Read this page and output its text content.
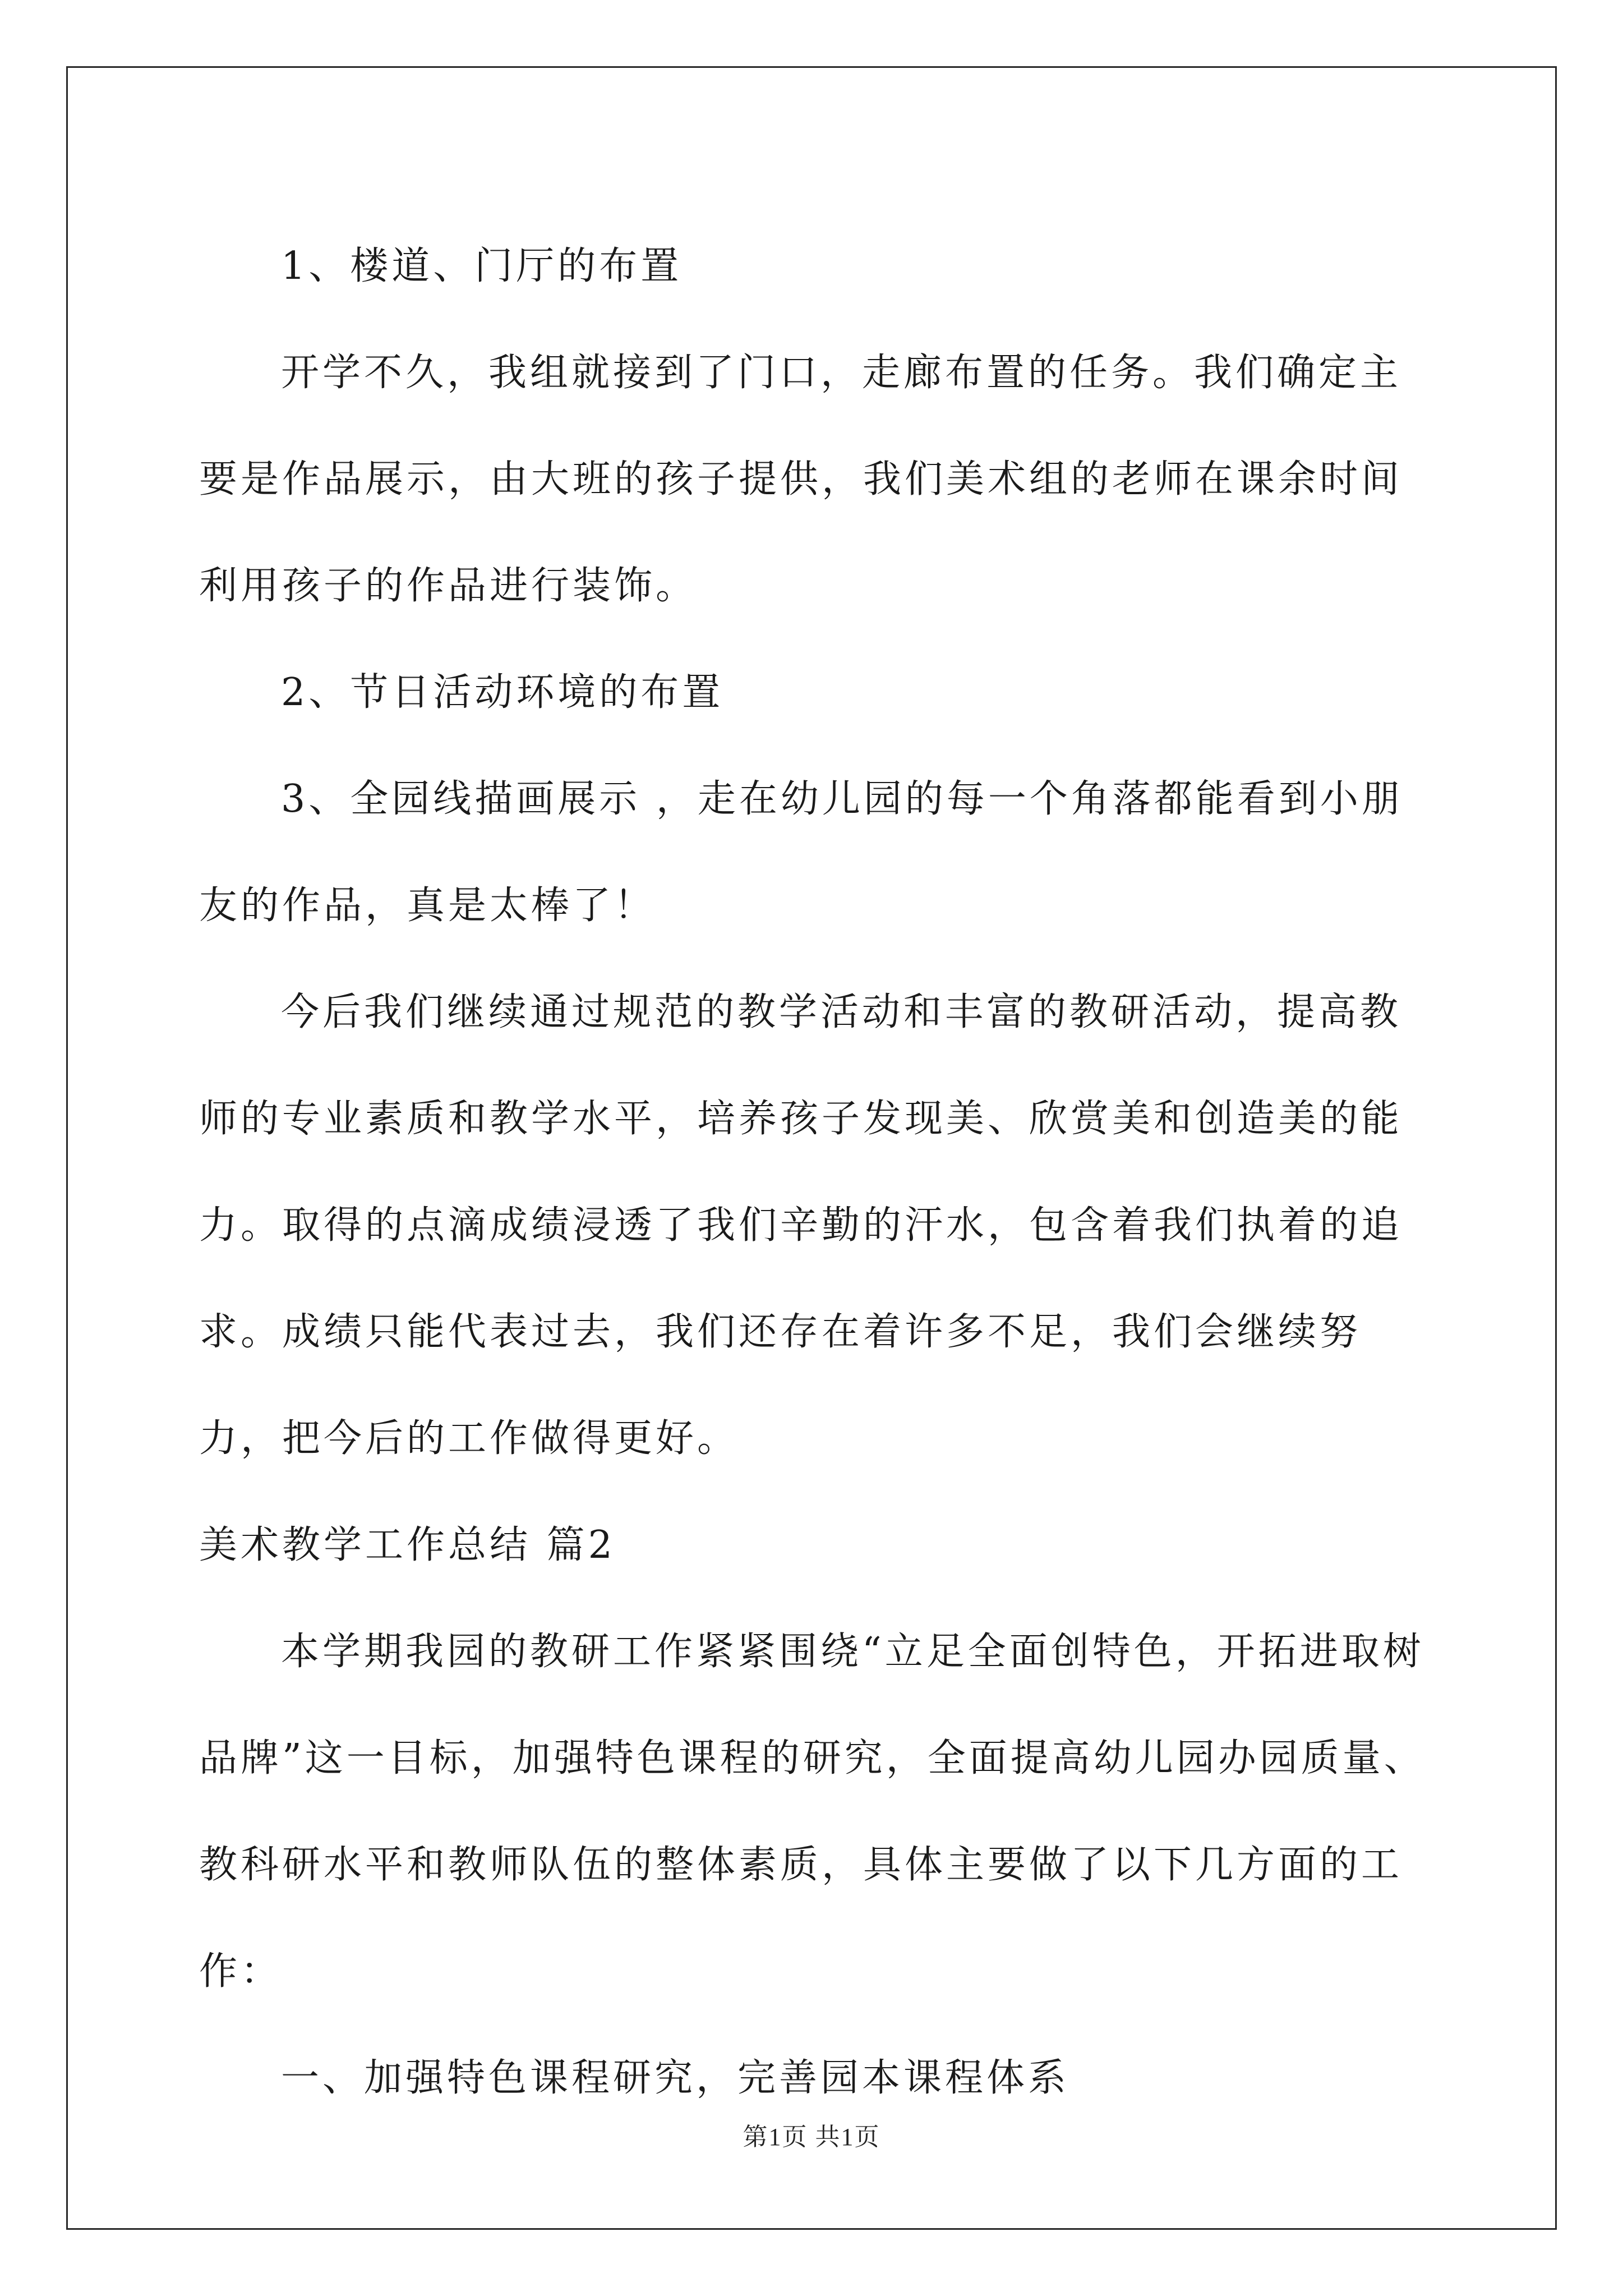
1、楼道、门厅的布置

开学不久，我组就接到了门口，走廊布置的任务。我们确定主要是作品展示，由大班的孩子提供，我们美术组的老师在课余时间利用孩子的作品进行装饰。

2、节日活动环境的布置

3、全园线描画展示 ，走在幼儿园的每一个角落都能看到小朋友的作品，真是太棒了！

今后我们继续通过规范的教学活动和丰富的教研活动，提高教师的专业素质和教学水平，培养孩子发现美、欣赏美和创造美的能力。取得的点滴成绩浸透了我们辛勤的汗水，包含着我们执着的追求。成绩只能代表过去，我们还存在着许多不足，我们会继续努力，把今后的工作做得更好。

美术教学工作总结 篇2

本学期我园的教研工作紧紧围绕“立足全面创特色，开拓进取树品牌”这一目标，加强特色课程的研究，全面提高幼儿园办园质量、教科研水平和教师队伍的整体素质，具体主要做了以下几方面的工作：

一、加强特色课程研究，完善园本课程体系

第1页 共1页
